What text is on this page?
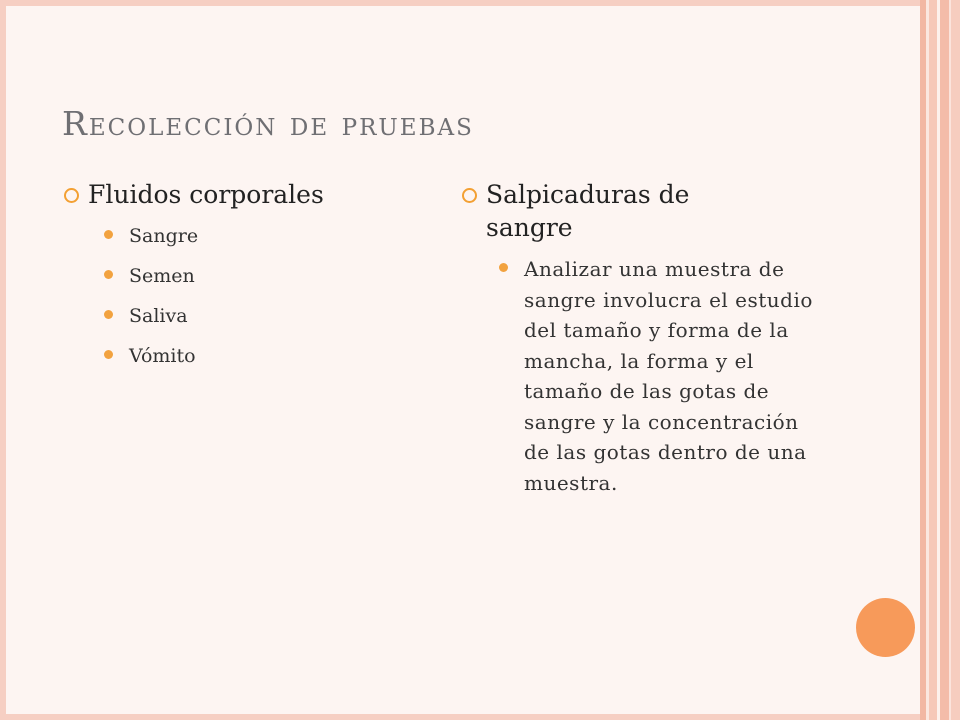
Recolección de pruebas
Fluidos corporales
Sangre
Semen
Saliva
Vómito
Salpicaduras de sangre
Analizar una muestra de sangre involucra el estudio del tamaño y forma de la mancha, la forma y el tamaño de las gotas de sangre y la concentración de las gotas dentro de una muestra.
